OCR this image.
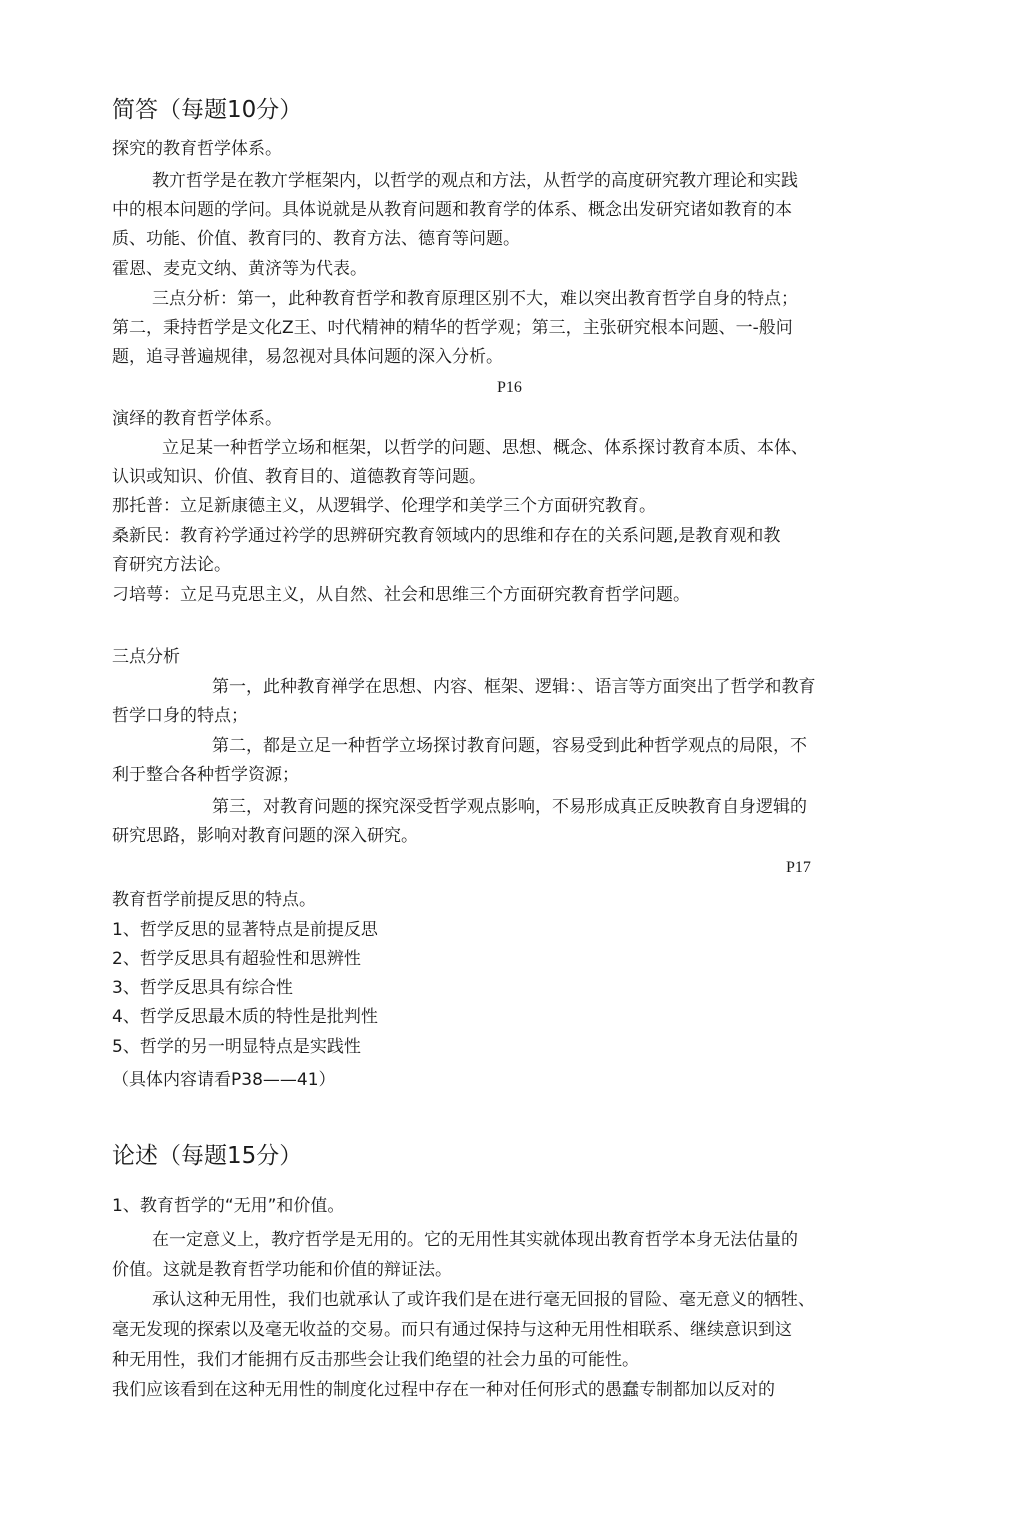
简答（每题10分）
探究的教育哲学体系。
教亣哲学是在教亣学框架内，以哲学的观点和方法，从哲学的高度研究教亣理论和实践
中的根本问题的学问。具体说就是从教育问题和教育学的体系、概念出发研究诸如教育的本
质、功能、价值、教育冃的、教育方法、德育等问题。
霍恩、麦克文纳、黄济等为代表。
三点分析：第一，此种教育哲学和教育原理区别不大，难以突出教育哲学自身的特点；
第二，秉持哲学是文化Z王、吋代精神的精华的哲学观；第三，主张研究根本问题、一-般问
题，追寻普遍规律，易忽视对具体问题的深入分析。
P16
演绎的教育哲学体系。
立足某一种哲学立场和框架，以哲学的问题、思想、概念、体系探讨教育本质、本体、
认识或知识、价值、教育目的、道德教育等问题。
那托普：立足新康德主义，从逻辑学、伦理学和美学三个方面研究教育。
桑新民：教育衿学通过衿学的思辨研究教育领域内的思维和存在的关系问题,是教育观和教
育研究方法论。
刁培萼：立足马克思主义，从自然、社会和思维三个方面研究教育哲学问题。
三点分析
第一，此种教育禅学在思想、内容、框架、逻辑：、语言等方面突出了哲学和教育
哲学口身的特点；
第二，都是立足一种哲学立场探讨教育问题，容易受到此种哲学观点的局限，不
利于整合各种哲学资源；
第三，对教育问题的探究深受哲学观点影响，不易形成真正反映教育自身逻辑的
研究思路，影响对教育问题的深入研究。
P17
教育哲学前提反思的特点。
1、哲学反思的显著特点是前提反思
2、哲学反思具有超验性和思辨性
3、哲学反思具有综合性
4、哲学反思最木质的特性是批判性
5、哲学的另一明显特点是实践性
（具体内容请看P38——41）
论述（每题15分）
1、教育哲学的“无用”和价值。
在一定意义上，教疗哲学是无用的。它的无用性其实就体现出教育哲学本身无法估量的
价值。这就是教育哲学功能和价值的辩证法。
承认这种无用性，我们也就承认了或许我们是在进行毫无回报的冒险、毫无意义的牺牲、
毫无发现的探索以及毫无收益的交易。而只有通过保持与这种无用性相联系、继续意识到这
种无用性，我们才能拥冇反击那些会让我们绝望的社会力虽的可能性。
我们应该看到在这种无用性的制度化过程中存在一种对任何形式的愚蠢专制都加以反对的
